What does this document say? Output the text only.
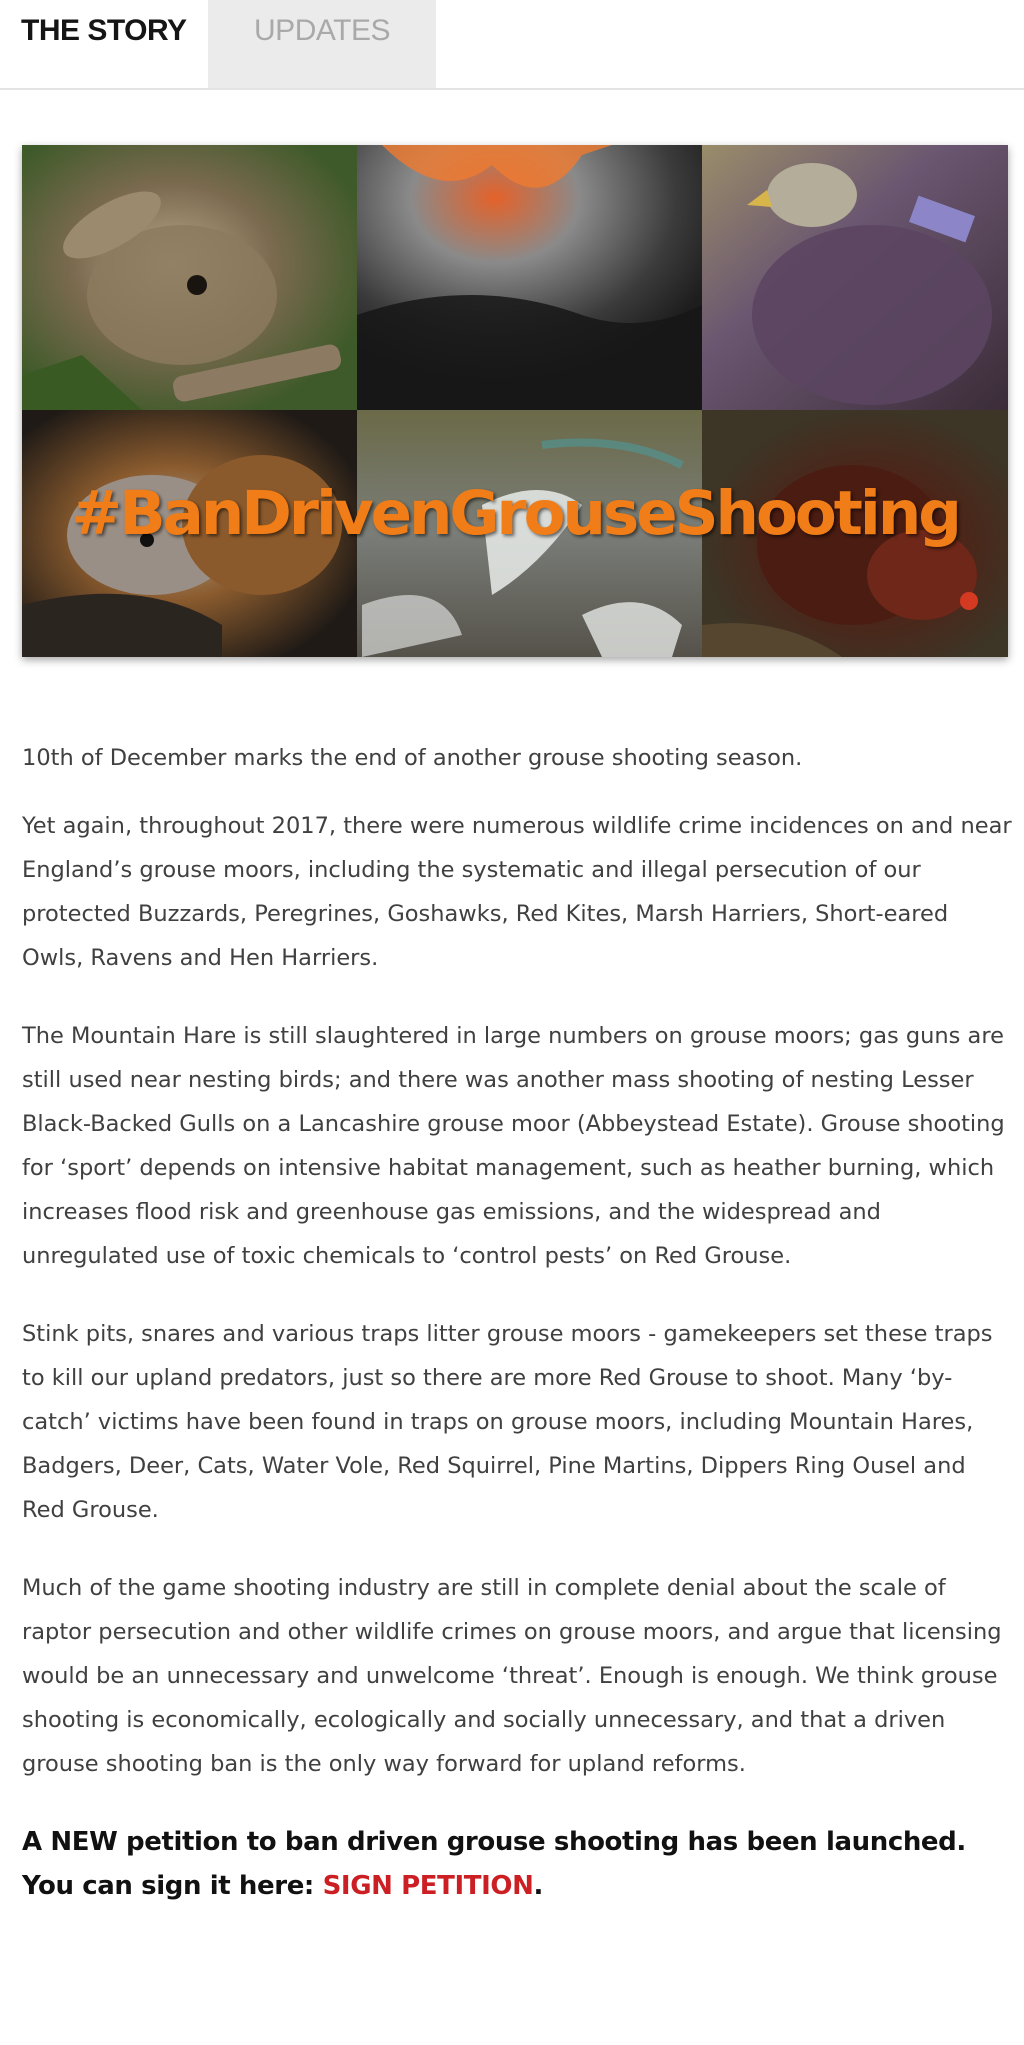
THE STORY	UPDATES
#BanDrivenGrouseShooting

10th of December marks the end of another grouse shooting season.

Yet again, throughout 2017, there were numerous wildlife crime incidences on and near England’s grouse moors, including the systematic and illegal persecution of our protected Buzzards, Peregrines, Goshawks, Red Kites, Marsh Harriers, Short-eared Owls, Ravens and Hen Harriers.

The Mountain Hare is still slaughtered in large numbers on grouse moors; gas guns are still used near nesting birds; and there was another mass shooting of nesting Lesser Black-Backed Gulls on a Lancashire grouse moor (Abbeystead Estate). Grouse shooting for ‘sport’ depends on intensive habitat management, such as heather burning, which increases flood risk and greenhouse gas emissions, and the widespread and unregulated use of toxic chemicals to ‘control pests’ on Red Grouse.

Stink pits, snares and various traps litter grouse moors - gamekeepers set these traps to kill our upland predators, just so there are more Red Grouse to shoot. Many ‘by-catch’ victims have been found in traps on grouse moors, including Mountain Hares, Badgers, Deer, Cats, Water Vole, Red Squirrel, Pine Martins, Dippers Ring Ousel and Red Grouse.

Much of the game shooting industry are still in complete denial about the scale of raptor persecution and other wildlife crimes on grouse moors, and argue that licensing would be an unnecessary and unwelcome ‘threat’. Enough is enough. We think grouse shooting is economically, ecologically and socially unnecessary, and that a driven grouse shooting ban is the only way forward for upland reforms.

A NEW petition to ban driven grouse shooting has been launched. You can sign it here: SIGN PETITION.
